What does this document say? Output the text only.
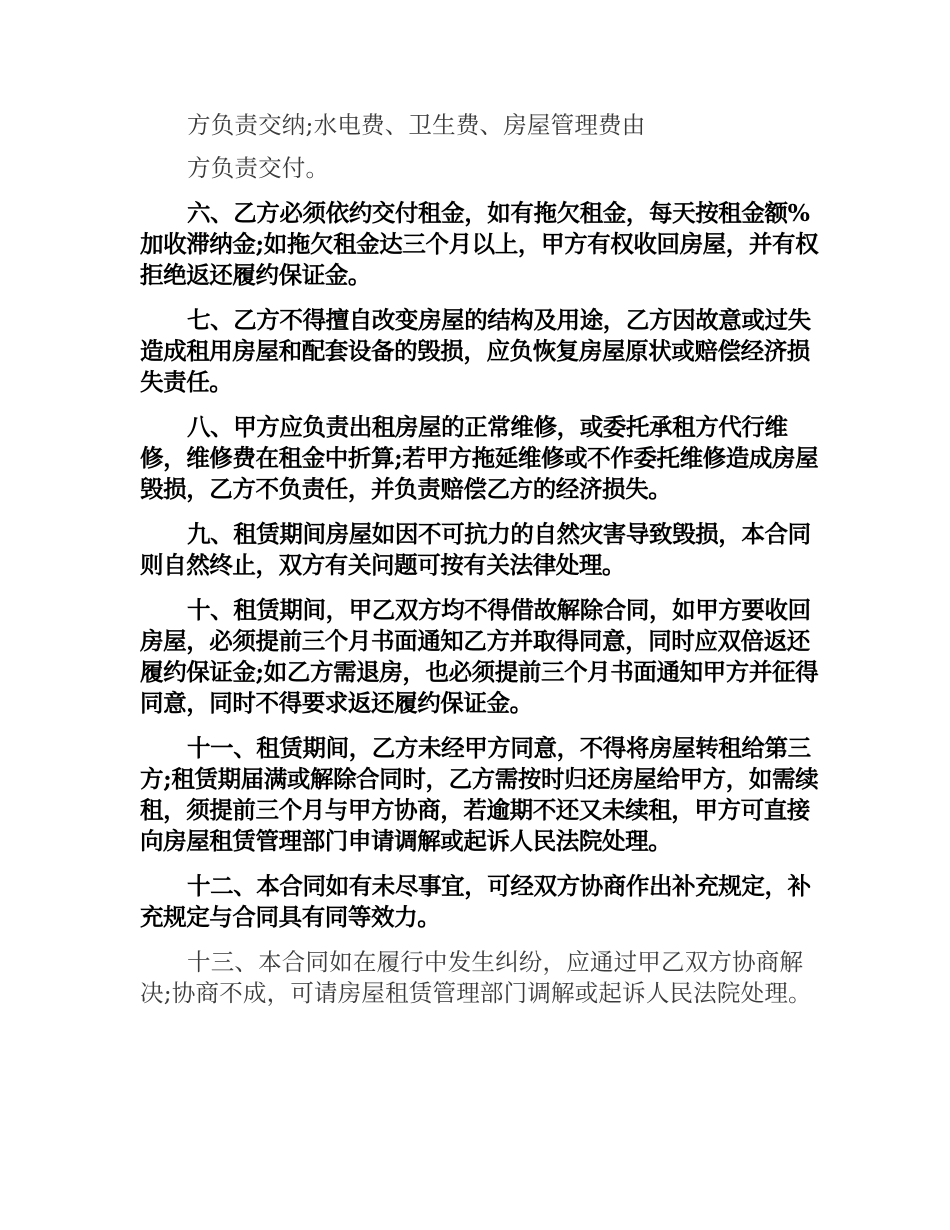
方负责交纳;水电费、卫生费、房屋管理费由

方负责交付。

六、乙方必须依约交付租金，如有拖欠租金，每天按租金额%加收滞纳金;如拖欠租金达三个月以上，甲方有权收回房屋，并有权拒绝返还履约保证金。

七、乙方不得擅自改变房屋的结构及用途，乙方因故意或过失造成租用房屋和配套设备的毁损，应负恢复房屋原状或赔偿经济损失责任。

八、甲方应负责出租房屋的正常维修，或委托承租方代行维修，维修费在租金中折算;若甲方拖延维修或不作委托维修造成房屋毁损，乙方不负责任，并负责赔偿乙方的经济损失。

九、租赁期间房屋如因不可抗力的自然灾害导致毁损，本合同则自然终止，双方有关问题可按有关法律处理。

十、租赁期间，甲乙双方均不得借故解除合同，如甲方要收回房屋，必须提前三个月书面通知乙方并取得同意，同时应双倍返还履约保证金;如乙方需退房，也必须提前三个月书面通知甲方并征得同意，同时不得要求返还履约保证金。

十一、租赁期间，乙方未经甲方同意，不得将房屋转租给第三方;租赁期届满或解除合同时，乙方需按时归还房屋给甲方，如需续租，须提前三个月与甲方协商，若逾期不还又未续租，甲方可直接向房屋租赁管理部门申请调解或起诉人民法院处理。

十二、本合同如有未尽事宜，可经双方协商作出补充规定，补充规定与合同具有同等效力。

十三、本合同如在履行中发生纠纷，应通过甲乙双方协商解决;协商不成，可请房屋租赁管理部门调解或起诉人民法院处理。
